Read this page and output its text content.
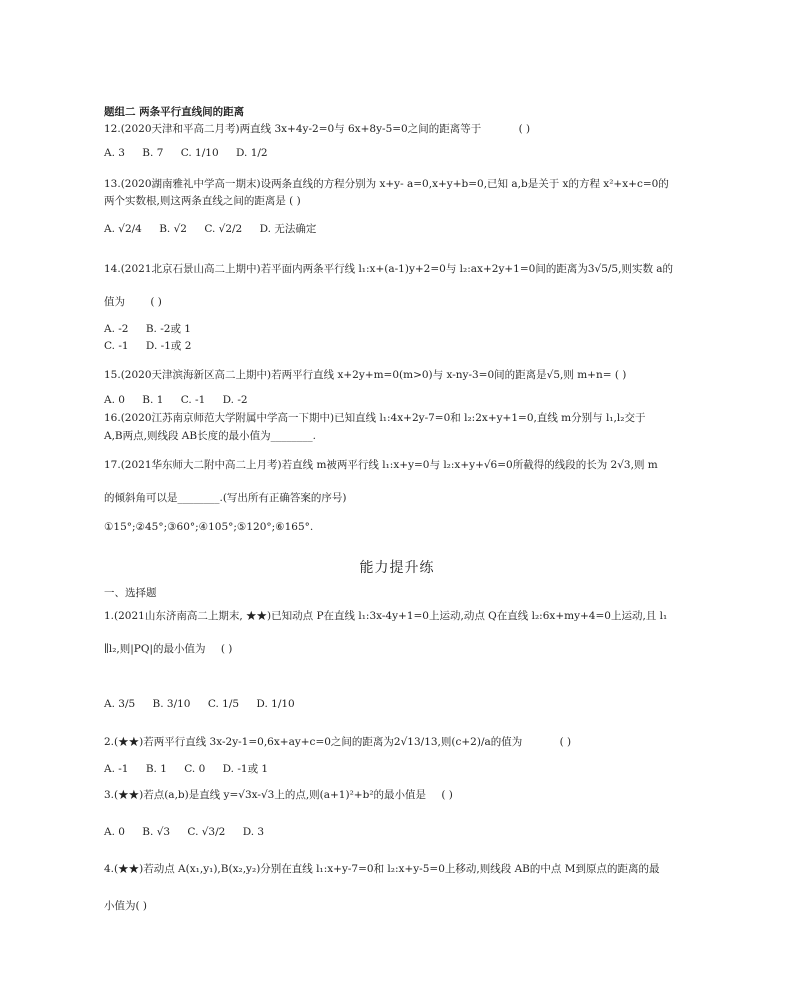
题组二 两条平行直线间的距离
12.(2020天津和平高二月考)两直线 3x+4y-2=0与 6x+8y-5=0之间的距离等于	( )
A. 3 B. 7 C. 1/10 D. 1/2
13.(2020湖南雅礼中学高一期末)设两条直线的方程分别为 x+y- a=0,x+y+b=0,已知 a,b是关于 x的方程 x²+x+c=0的
两个实数根,则这两条直线之间的距离是 ( )
A. √2/4 B. √2 C. √2/2 D. 无法确定
14.(2021北京石景山高二上期中)若平面内两条平行线 l₁:x+(a-1)y+2=0与 l₂:ax+2y+1=0间的距离为3√5/5,则实数 a的
值为 ( )
A. -2 B. -2或 1
C. -1 D. -1或 2
15.(2020天津滨海新区高二上期中)若两平行直线 x+2y+m=0(m>0)与 x-ny-3=0间的距离是√5,则 m+n= ( )
A. 0 B. 1 C. -1 D. -2
16.(2020江苏南京师范大学附属中学高一下期中)已知直线 l₁:4x+2y-7=0和 l₂:2x+y+1=0,直线 m分别与 l₁,l₂交于
A,B两点,则线段 AB长度的最小值为________.
17.(2021华东师大二附中高二上月考)若直线 m被两平行线 l₁:x+y=0与 l₂:x+y+√6=0所截得的线段的长为 2√3,则 m
的倾斜角可以是________.(写出所有正确答案的序号)
①15°;②45°;③60°;④105°;⑤120°;⑥165°.
能力提升练
一、选择题
1.(2021山东济南高二上期末, ★★)已知动点 P在直线 l₁:3x-4y+1=0上运动,动点 Q在直线 l₂:6x+my+4=0上运动,且 l₁
∥l₂,则|PQ|的最小值为 ( )
A. 3/5 B. 3/10 C. 1/5 D. 1/10
2.(★★)若两平行直线 3x-2y-1=0,6x+ay+c=0之间的距离为2√13/13,则(c+2)/a的值为	( )
A. -1 B. 1 C. 0 D. -1或 1
3.(★★)若点(a,b)是直线 y=√3x-√3上的点,则(a+1)²+b²的最小值是 ( )
A. 0 B. √3 C. √3/2 D. 3
4.(★★)若动点 A(x₁,y₁),B(x₂,y₂)分别在直线 l₁:x+y-7=0和 l₂:x+y-5=0上移动,则线段 AB的中点 M到原点的距离的最
小值为( )
